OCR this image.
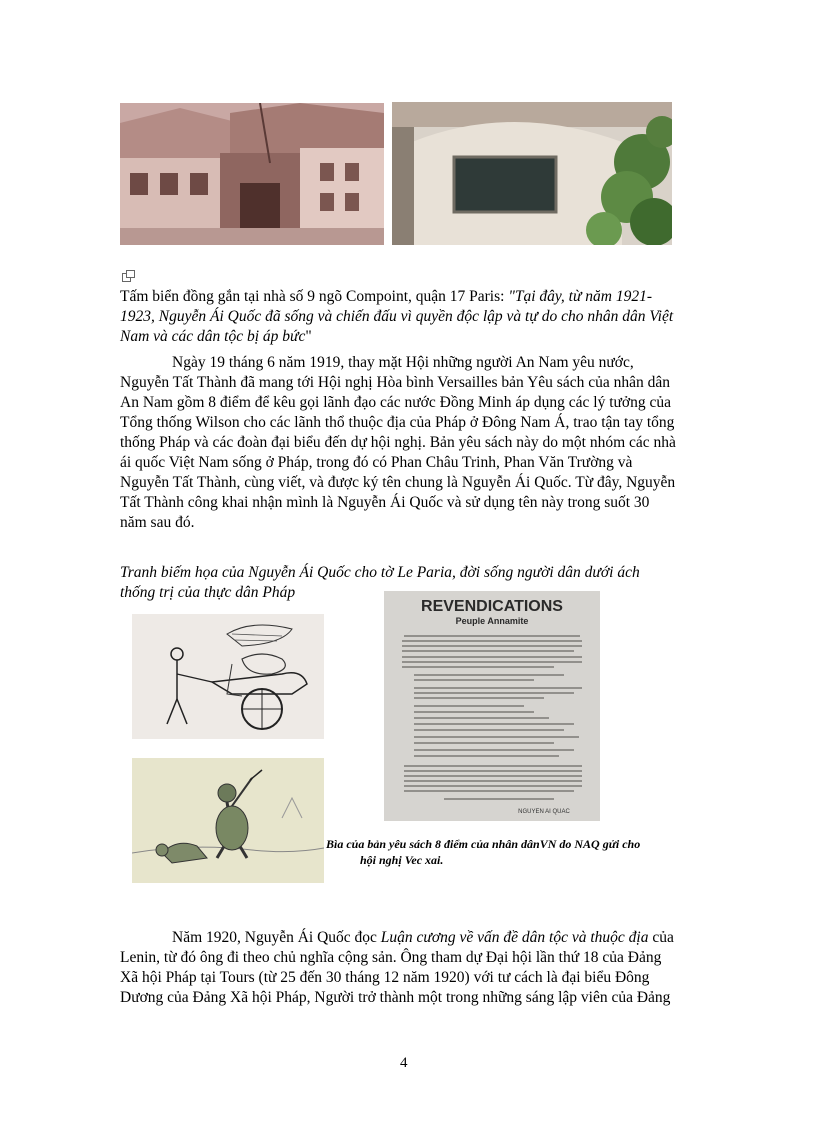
Tấm biển đồng gắn tại nhà số 9 ngõ Compoint, quận 17 Paris: "Tại đây, từ năm 1921-
1923, Nguyễn Ái Quốc đã sống và chiến đấu vì quyền độc lập và tự do cho nhân dân Việt
Nam và các dân tộc bị áp bức"
Ngày 19 tháng 6 năm 1919, thay mặt Hội những người An Nam yêu nước,
Nguyễn Tất Thành đã mang tới Hội nghị Hòa bình Versailles bản Yêu sách của nhân dân
An Nam gồm 8 điểm để kêu gọi lãnh đạo các nước Đồng Minh áp dụng các lý tưởng của
Tổng thống Wilson cho các lãnh thổ thuộc địa của Pháp ở Đông Nam Á, trao tận tay tổng
thống Pháp và các đoàn đại biểu đến dự hội nghị. Bản yêu sách này do một nhóm các nhà
ái quốc Việt Nam sống ở Pháp, trong đó có Phan Châu Trinh, Phan Văn Trường và
Nguyễn Tất Thành, cùng viết, và được ký tên chung là Nguyễn Ái Quốc. Từ đây, Nguyễn
Tất Thành công khai nhận mình là Nguyễn Ái Quốc và sử dụng tên này trong suốt 30
năm sau đó.
Tranh biếm họa của Nguyễn Ái Quốc cho tờ Le Paria, đời sống người dân dưới ách
thống trị của thực dân Pháp
REVENDICATIONS
Peuple Annamite
NGUYEN AI QUAC
Bìa của bản yêu sách 8 điểm của nhân dânVN do NAQ gửi cho
hội nghị Vec xai.
Năm 1920, Nguyễn Ái Quốc đọc Luận cương về vấn đề dân tộc và thuộc địa của
Lenin, từ đó ông đi theo chủ nghĩa cộng sản. Ông tham dự Đại hội lần thứ 18 của Đảng
Xã hội Pháp tại Tours (từ 25 đến 30 tháng 12 năm 1920) với tư cách là đại biểu Đông
Dương của Đảng Xã hội Pháp, Người trở thành một trong những sáng lập viên của Đảng
4
